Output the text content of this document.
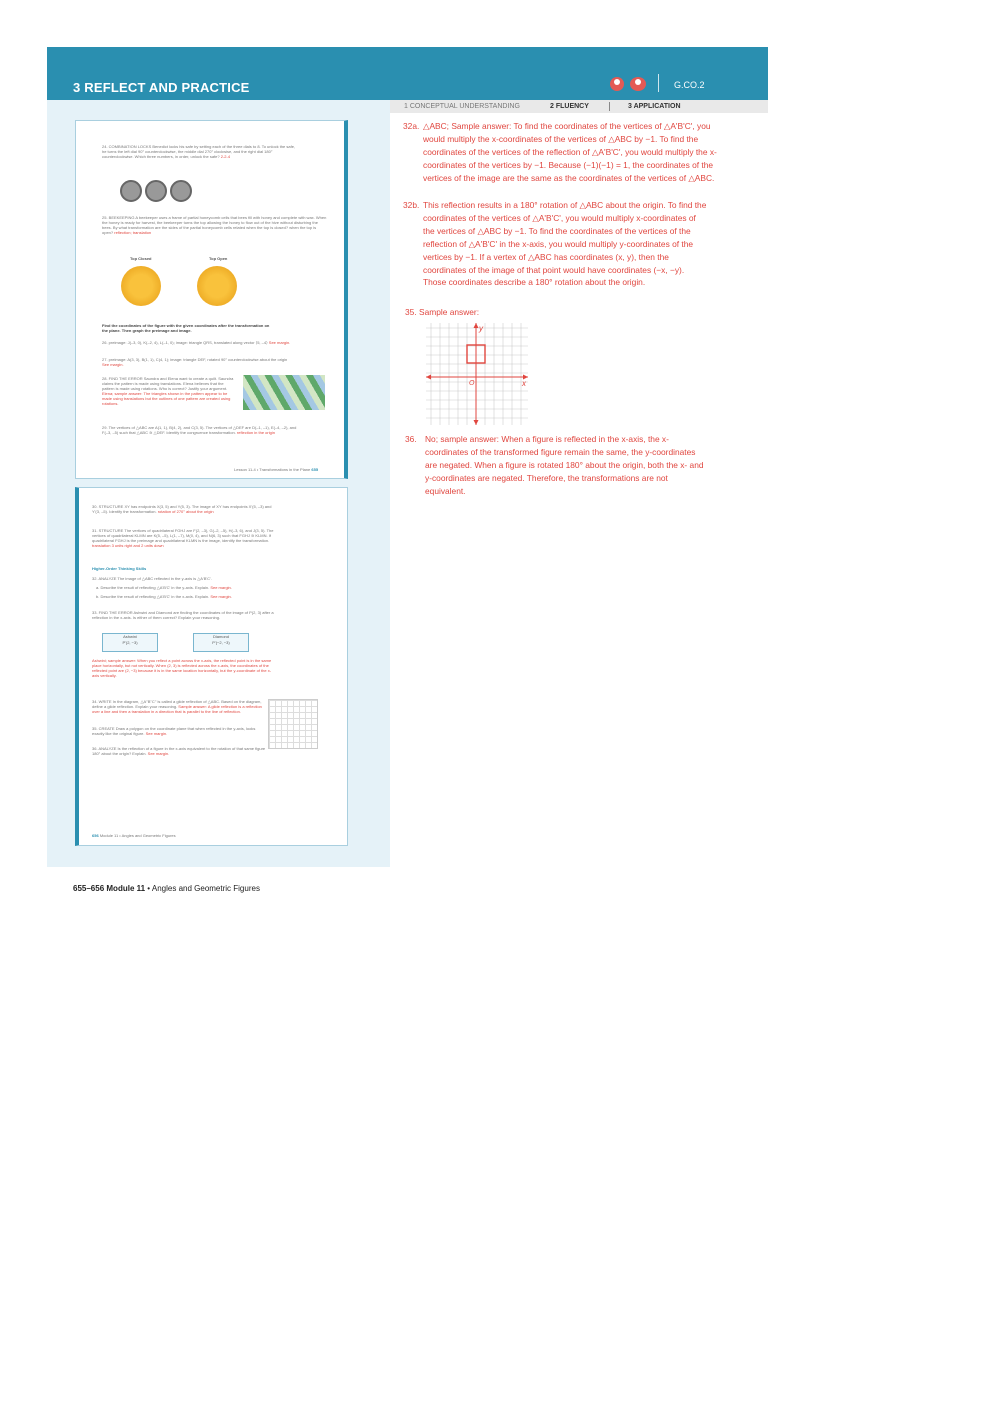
3 REFLECT AND PRACTICE	G.CO.2
24. COMBINATION LOCKS Benedict locks his safe by setting each of the three dials to 8. To unlock the safe, he turns the left dial 90° counterclockwise, the middle dial 270° clockwise, and the right dial 180° counterclockwise. Which three numbers, in order, unlock the safe? 2-2-4
25. BEEKEEPING A beekeeper uses a frame of partial honeycomb cells that bees fill with honey and complete with wax. When the honey is ready for harvest, the beekeeper turns the top allowing the honey to flow out of the hive without disturbing the bees. By what transformation are the sides of the partial honeycomb cells related when the top is closed? when the top is open? reflection; translation
Top Closed	Top Open
Find the coordinates of the figure with the given coordinates after the transformation on the plane. Then graph the preimage and image.
26. preimage: J(–3, 0), K(–2, 4), L(–1, 0); image: triangle QRS, translated along vector ⟨5, –4⟩ See margin.
27. preimage: A(3, 3), B(1, 1), C(4, 1); image: triangle DEF, rotated 90° counterclockwise about the origin See margin.
28. FIND THE ERROR Saundra and Elena want to create a quilt. Saundra claims the pattern is made using translations. Elena believes that the pattern is made using rotations. Who is correct? Justify your argument. Elena; sample answer: The triangles shown in the pattern appear to be made using translations but the outlines of one pattern are created using rotations.
29. The vertices of △ABC are A(1, 1), B(4, 2), and C(3, 5). The vertices of △DEF are D(–1, –1), E(–4, –2), and F(–3, –5) such that △ABC ≅ △DEF. Identify the congruence transformation. reflection in the origin
Lesson 11-4 • Transformations in the Plane 655
30. STRUCTURE XY has endpoints X(3, 5) and Y(5, 3). The image of XY has endpoints X'(5, –3) and Y'(3, –5). Identify the transformation. rotation of 270° about the origin
31. STRUCTURE The vertices of quadrilateral FGHJ are F(2, –3), G(–2, –5), H(–3, 6), and J(3, 5). The vertices of quadrilateral KLMN are K(5, –5), L(1, –7), M(0, 4), and N(6, 3) such that FGHJ ≅ KLMN. If quadrilateral FGHJ is the preimage and quadrilateral KLMN is the image, identify the transformation. translation 3 units right and 2 units down
Higher-Order Thinking Skills
32. ANALYZE The image of △ABC reflected in the y-axis is △A'B'C'.
a. Describe the result of reflecting △A'B'C' in the y-axis. Explain. See margin.
b. Describe the result of reflecting △A'B'C' in the x-axis. Explain. See margin.
33. FIND THE ERROR Ashwini and Diamond are finding the coordinates of the image of P(2, 3) after a reflection in the x-axis. Is either of them correct? Explain your reasoning.
Ashwini; sample answer: When you reflect a point across the x-axis, the reflected point is in the same place horizontally, but not vertically. When (2, 3) is reflected across the x-axis, the coordinates of the reflected point are (2, −3) because it is in the same location horizontally, but the y-coordinate of the x-axis vertically.
34. WRITE In the diagram, △A''B''C'' is called a glide reflection of △ABC. Based on the diagram, define a glide reflection. Explain your reasoning. Sample answer: A glide reflection is a reflection over a line and then a translation in a direction that is parallel to the line of reflection.
35. CREATE Draw a polygon on the coordinate plane that when reflected in the y-axis, looks exactly like the original figure. See margin.
36. ANALYZE Is the reflection of a figure in the x-axis equivalent to the rotation of that same figure 180° about the origin? Explain. See margin.
656 Module 11 • Angles and Geometric Figures
Ashwini
P'(2, −3)
Diamond
P'(−2, −3)
1 CONCEPTUAL UNDERSTANDING	2 FLUENCY	3 APPLICATION
32a. △ABC; Sample answer: To find the coordinates of the vertices of △A'B'C', you would multiply the x-coordinates of the vertices of △ABC by −1. To find the coordinates of the vertices of the reflection of △A'B'C', you would multiply the x-coordinates of the vertices by −1. Because (−1)(−1) = 1, the coordinates of the vertices of the image are the same as the coordinates of the vertices of △ABC.
32b. This reflection results in a 180° rotation of △ABC about the origin. To find the coordinates of the vertices of △A'B'C', you would multiply x-coordinates of the vertices of △ABC by −1. To find the coordinates of the vertices of the reflection of △A'B'C' in the x-axis, you would multiply y-coordinates of the vertices by −1. If a vertex of △ABC has coordinates (x, y), then the coordinates of the image of that point would have coordinates (−x, −y). Those coordinates describe a 180° rotation about the origin.
35. Sample answer:
y
x
O
36. No; sample answer: When a figure is reflected in the x-axis, the x-coordinates of the transformed figure remain the same, the y-coordinates are negated. When a figure is rotated 180° about the origin, both the x- and y-coordinates are negated. Therefore, the transformations are not equivalent.
655–656 Module 11 • Angles and Geometric Figures
